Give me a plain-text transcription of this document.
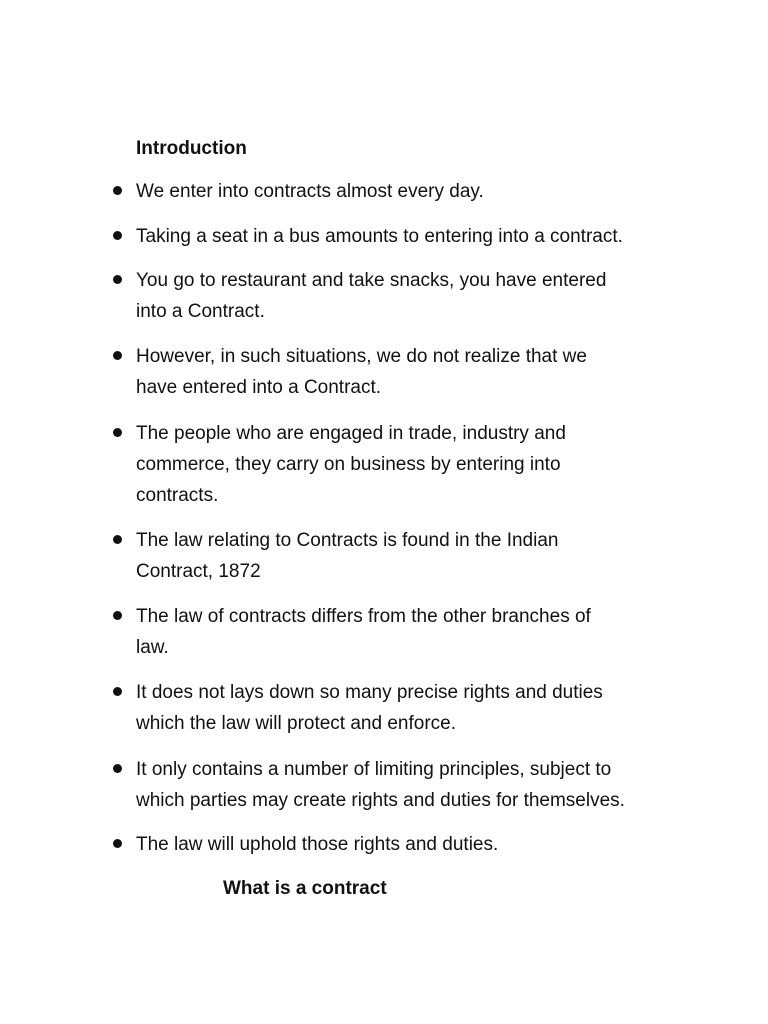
Introduction
We enter into contracts almost every day.
Taking a seat in a bus amounts to entering into a contract.
You go to restaurant and take snacks, you have entered
into a Contract.
However, in such situations, we do not realize that we
have entered into a Contract.
The people who are engaged in trade, industry and
commerce, they carry on business by entering into
contracts.
The law relating to Contracts is found in the Indian
Contract, 1872
The law of contracts differs from the other branches of
law.
It does not lays down so many precise rights and duties
which the law will protect and enforce.
It only contains a number of limiting principles, subject to
which parties may create rights and duties for themselves.
The law will uphold those rights and duties.
What is a contract
